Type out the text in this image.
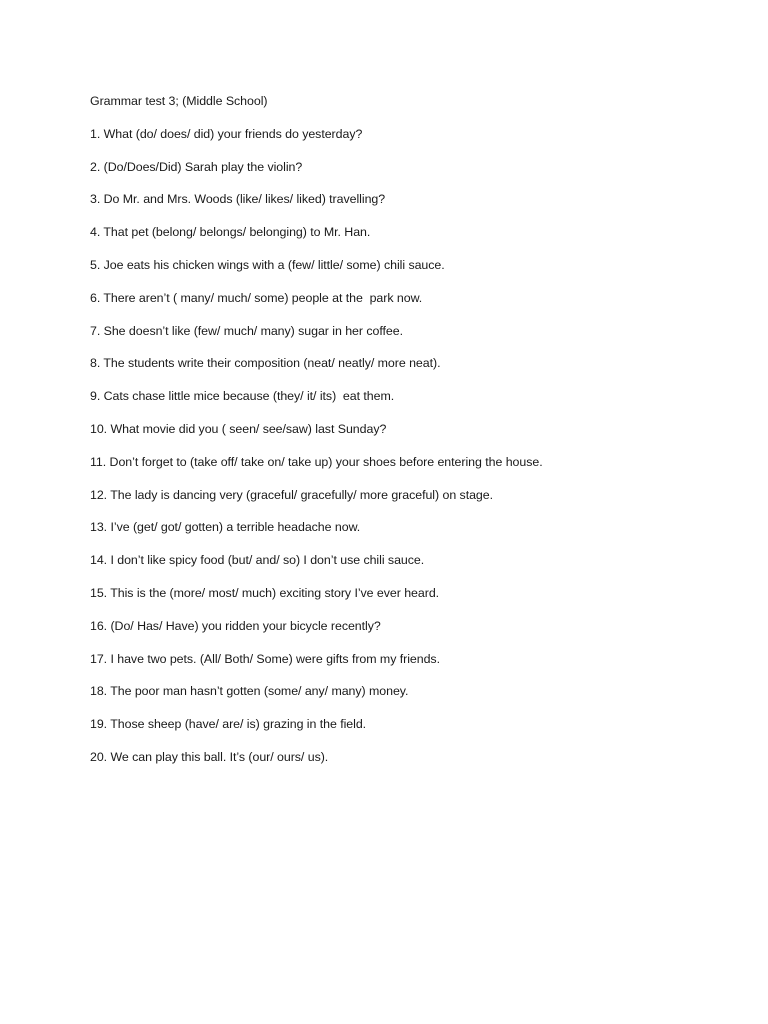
Grammar test 3; (Middle School)
1. What (do/ does/ did) your friends do yesterday?
2. (Do/Does/Did) Sarah play the violin?
3. Do Mr. and Mrs. Woods (like/ likes/ liked) travelling?
4. That pet (belong/ belongs/ belonging) to Mr. Han.
5. Joe eats his chicken wings with a (few/ little/ some) chili sauce.
6. There aren’t ( many/ much/ some) people at the  park now.
7. She doesn’t like (few/ much/ many) sugar in her coffee.
8. The students write their composition (neat/ neatly/ more neat).
9. Cats chase little mice because (they/ it/ its)  eat them.
10. What movie did you ( seen/ see/saw) last Sunday?
11. Don’t forget to (take off/ take on/ take up) your shoes before entering the house.
12. The lady is dancing very (graceful/ gracefully/ more graceful) on stage.
13. I’ve (get/ got/ gotten) a terrible headache now.
14. I don’t like spicy food (but/ and/ so) I don’t use chili sauce.
15. This is the (more/ most/ much) exciting story I’ve ever heard.
16. (Do/ Has/ Have) you ridden your bicycle recently?
17. I have two pets. (All/ Both/ Some) were gifts from my friends.
18. The poor man hasn’t gotten (some/ any/ many) money.
19. Those sheep (have/ are/ is) grazing in the field.
20. We can play this ball. It’s (our/ ours/ us).
